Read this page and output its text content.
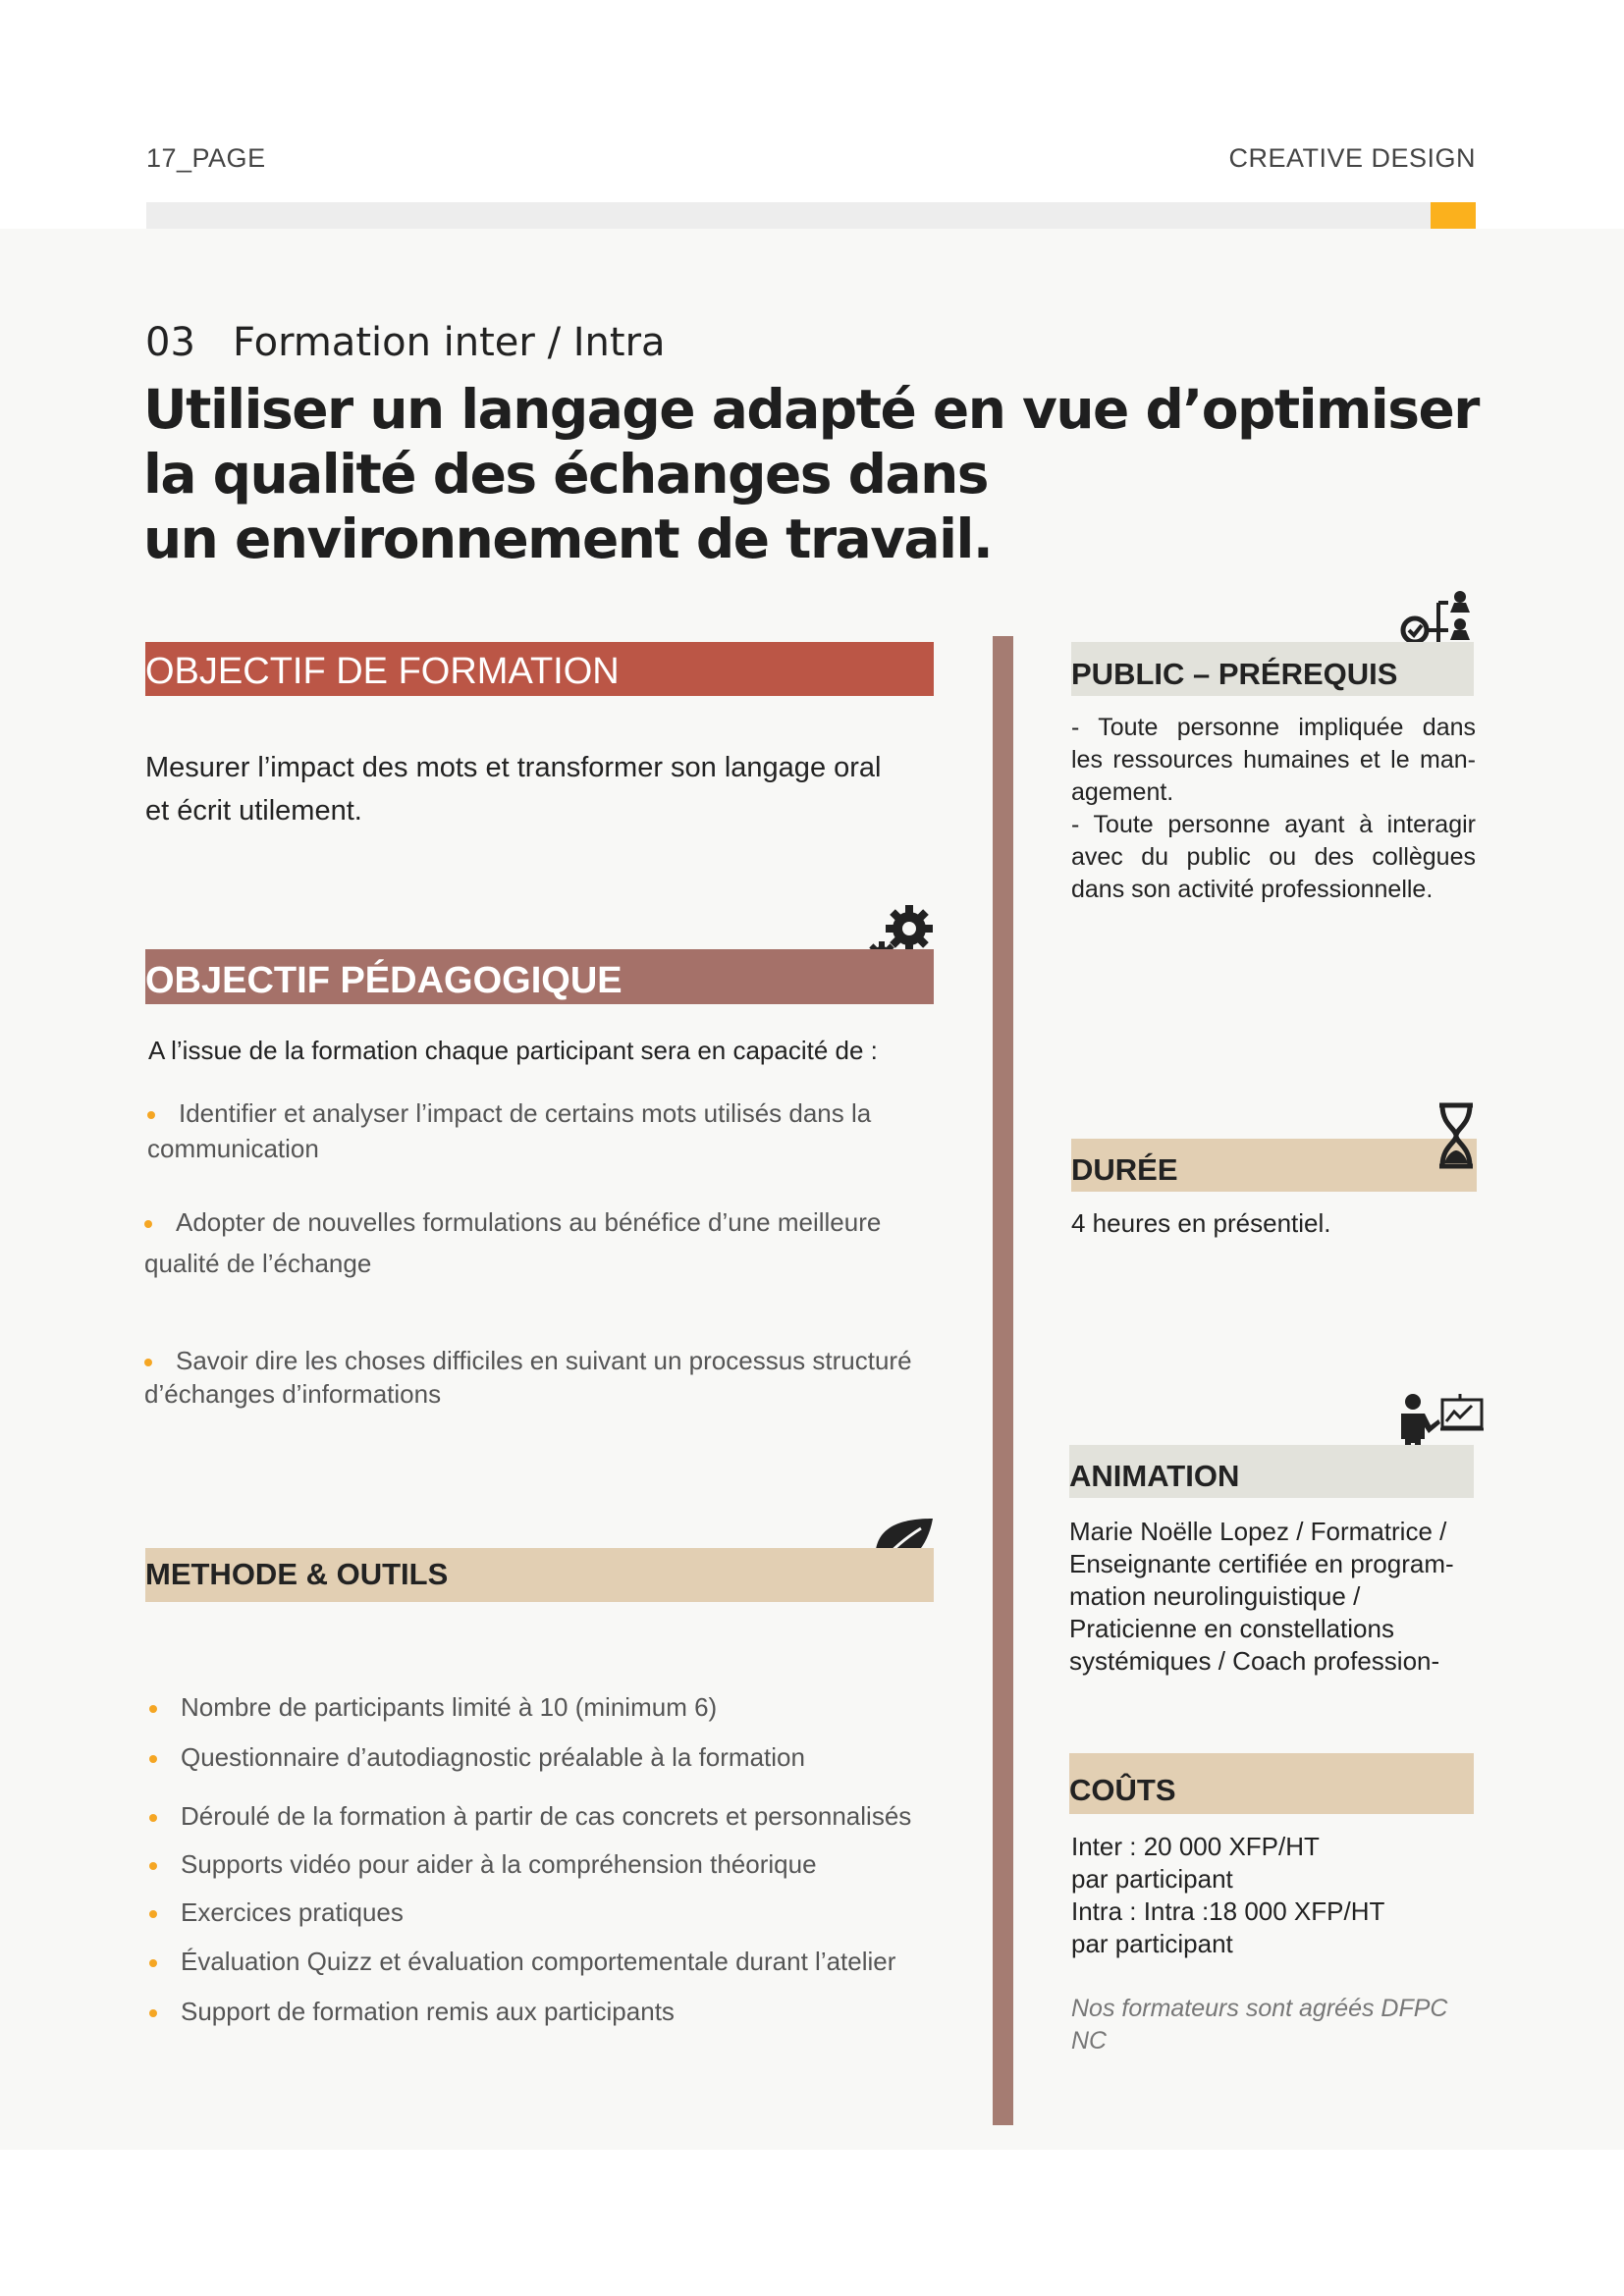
17_PAGE	CREATIVE DESIGN
03   Formation inter / Intra
Utiliser un langage adapté en vue d’optimiser
la qualité des échanges dans
un environnement de travail.
OBJECTIF DE FORMATION
Mesurer l’impact des mots et transformer son langage oral
et écrit utilement.
OBJECTIF PÉDAGOGIQUE
A l’issue de la formation chaque participant sera en capacité de :
Identifier et analyser l’impact de certains mots utilisés dans la
communication
Adopter de nouvelles formulations au bénéfice d’une meilleure
qualité de l’échange
Savoir dire les choses difficiles en suivant un processus structuré
d’échanges d’informations
METHODE & OUTILS
Nombre de participants limité à 10 (minimum 6)
Questionnaire d’autodiagnostic préalable à la formation
Déroulé de la formation à partir de cas concrets et personnalisés
Supports vidéo pour aider à la compréhension théorique
Exercices pratiques
Évaluation Quizz et évaluation comportementale durant l’atelier
Support de formation remis aux participants
PUBLIC – PRÉREQUIS
- Toute personne impliquée dans
les ressources humaines et le man-
agement.
- Toute personne ayant à interagir
avec du public ou des collègues
dans son activité professionnelle.
DURÉE
4 heures en présentiel.
ANIMATION
Marie Noëlle Lopez / Formatrice /
Enseignante certifiée en program-
mation neurolinguistique /
Praticienne en constellations
systémiques / Coach profession-
COÛTS
Inter : 20 000 XFP/HT
par participant
Intra : Intra :18 000 XFP/HT
par participant
Nos formateurs sont agréés DFPC NC
